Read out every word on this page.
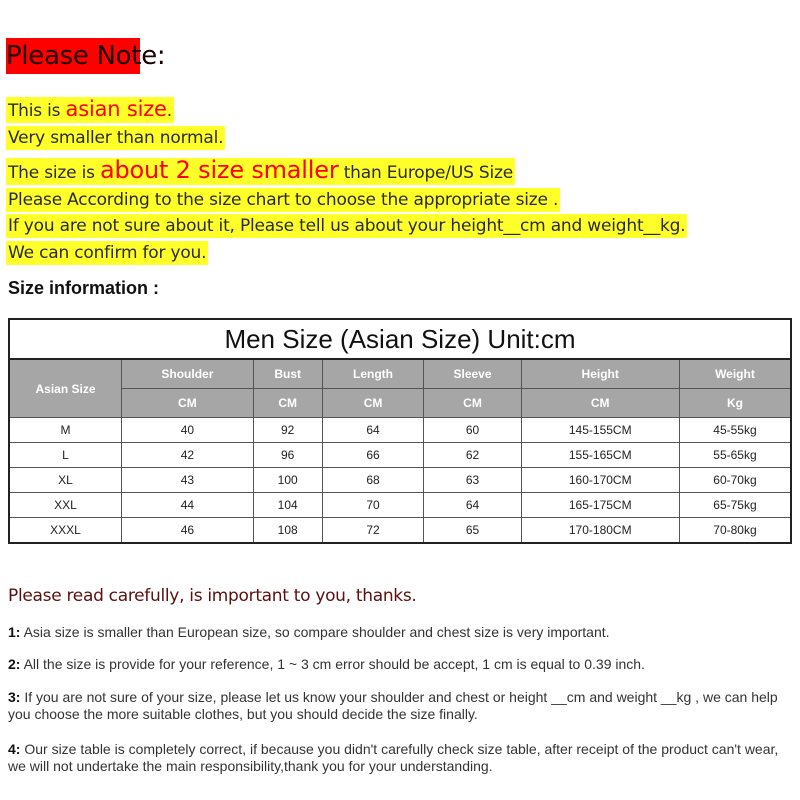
Please Note:
This is asian size.
Very smaller than normal.
The size is about 2 size smaller than Europe/US Size
Please According to the size chart to choose the appropriate size .
If you are not sure about it, Please tell us about your height__cm and weight__kg.
We can confirm for you.
Size information :
Men Size (Asian Size) Unit:cm						
Asian Size	Shoulder	Bust	Length	Sleeve	Height	Weight
	CM	CM	CM	CM	CM	Kg
M	40	92	64	60	145-155CM	45-55kg
L	42	96	66	62	155-165CM	55-65kg
XL	43	100	68	63	160-170CM	60-70kg
XXL	44	104	70	64	165-175CM	65-75kg
XXXL	46	108	72	65	170-180CM	70-80kg
Please read carefully, is important to you, thanks.
1: Asia size is smaller than European size, so compare shoulder and chest size is very important.
2: All the size is provide for your reference, 1 ~ 3 cm error should be accept, 1 cm is equal to 0.39 inch.
3: If you are not sure of your size, please let us know your shoulder and chest or height __cm and weight __kg , we can help you choose the more suitable clothes, but you should decide the size finally.
4: Our size table is completely correct, if because you didn't carefully check size table, after receipt of the product can't wear, we will not undertake the main responsibility,thank you for your understanding.
